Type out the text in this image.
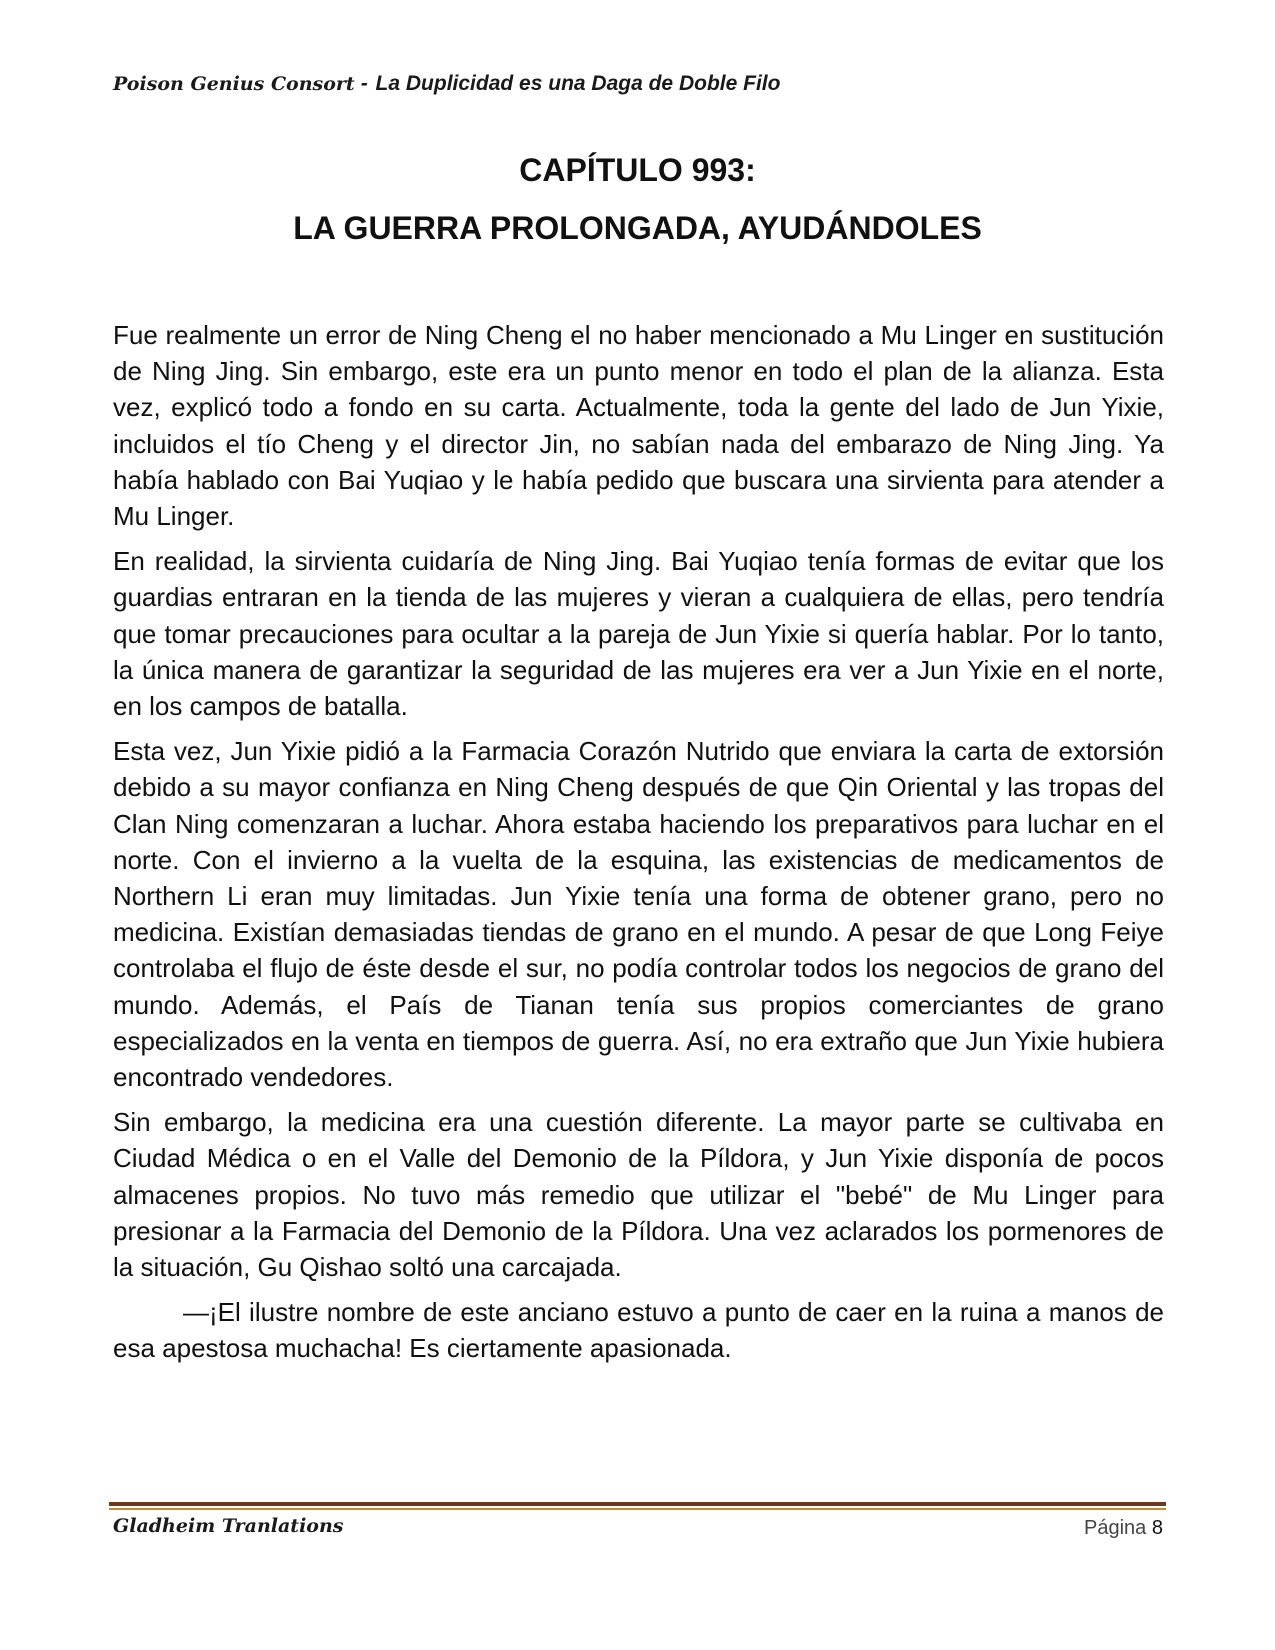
Poison Genius Consort - La Duplicidad es una Daga de Doble Filo
CAPÍTULO 993:
LA GUERRA PROLONGADA, AYUDÁNDOLES

Fue realmente un error de Ning Cheng el no haber mencionado a Mu Linger en sustitución de Ning Jing. Sin embargo, este era un punto menor en todo el plan de la alianza. Esta vez, explicó todo a fondo en su carta. Actualmente, toda la gente del lado de Jun Yixie, incluidos el tío Cheng y el director Jin, no sabían nada del embarazo de Ning Jing. Ya había hablado con Bai Yuqiao y le había pedido que buscara una sirvienta para atender a Mu Linger.

En realidad, la sirvienta cuidaría de Ning Jing. Bai Yuqiao tenía formas de evitar que los guardias entraran en la tienda de las mujeres y vieran a cualquiera de ellas, pero tendría que tomar precauciones para ocultar a la pareja de Jun Yixie si quería hablar. Por lo tanto, la única manera de garantizar la seguridad de las mujeres era ver a Jun Yixie en el norte, en los campos de batalla.

Esta vez, Jun Yixie pidió a la Farmacia Corazón Nutrido que enviara la carta de extorsión debido a su mayor confianza en Ning Cheng después de que Qin Oriental y las tropas del Clan Ning comenzaran a luchar. Ahora estaba haciendo los preparativos para luchar en el norte. Con el invierno a la vuelta de la esquina, las existencias de medicamentos de Northern Li eran muy limitadas. Jun Yixie tenía una forma de obtener grano, pero no medicina. Existían demasiadas tiendas de grano en el mundo. A pesar de que Long Feiye controlaba el flujo de éste desde el sur, no podía controlar todos los negocios de grano del mundo. Además, el País de Tianan tenía sus propios comerciantes de grano especializados en la venta en tiempos de guerra. Así, no era extraño que Jun Yixie hubiera encontrado vendedores.

Sin embargo, la medicina era una cuestión diferente. La mayor parte se cultivaba en Ciudad Médica o en el Valle del Demonio de la Píldora, y Jun Yixie disponía de pocos almacenes propios. No tuvo más remedio que utilizar el "bebé" de Mu Linger para presionar a la Farmacia del Demonio de la Píldora. Una vez aclarados los pormenores de la situación, Gu Qishao soltó una carcajada.

—¡El ilustre nombre de este anciano estuvo a punto de caer en la ruina a manos de esa apestosa muchacha! Es ciertamente apasionada.

Gladheim Tranlations	Página 8
